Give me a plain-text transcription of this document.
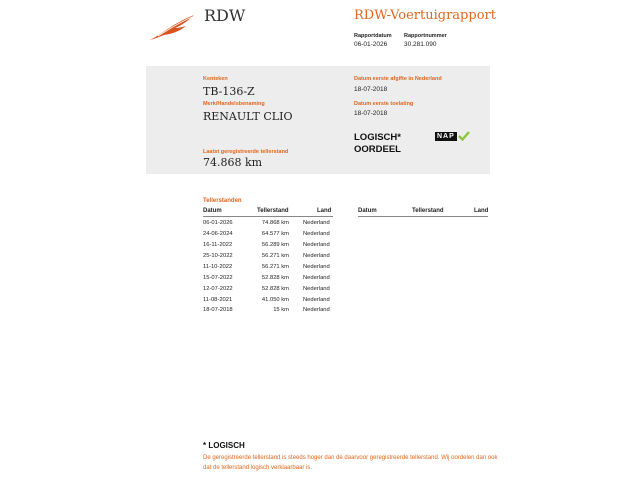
RDW	RDW-Voertuigrapport
Rapportdatum
06-01-2026
Rapportnummer
30.281.090
Kenteken
TB-136-Z
Merk/Handelsbenaming
RENAULT CLIO
Laatst geregistreerde tellerstand
74.868 km
Datum eerste afgifte in Nederland
18-07-2018
Datum eerste toelating
18-07-2018
LOGISCH*
OORDEEL
NAP
Tellerstanden
Datum	Tellerstand	Land	Datum	Tellerstand	Land
06-01-2026	74.868 km Nederland
24-06-2024	64.577 km Nederland
16-11-2022	56.289 km Nederland
25-10-2022	56.271 km Nederland
11-10-2022	56.271 km Nederland
15-07-2022	52.828 km Nederland
12-07-2022	52.828 km Nederland
11-08-2021	41.050 km Nederland
18-07-2018	15 km Nederland
* LOGISCH
De geregistreerde tellerstand is steeds hoger dan de daarvoor geregistreerde tellerstand. Wij oordelen dan ook dat de tellerstand logisch verklaarbaar is.
